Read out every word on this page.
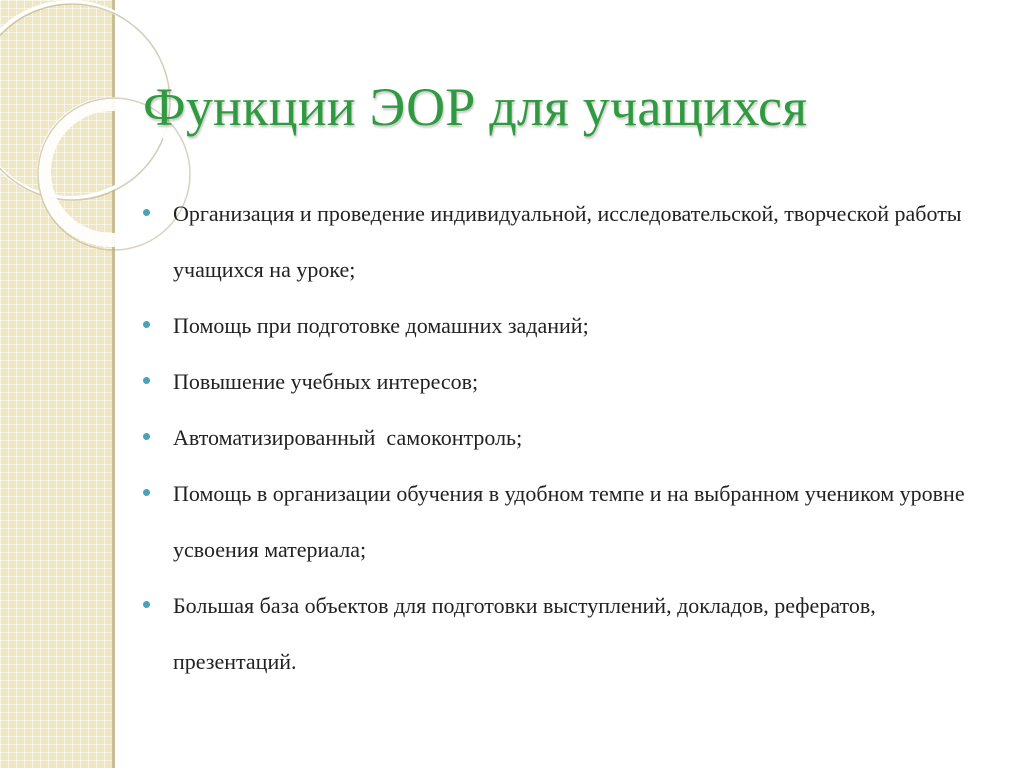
Функции ЭОР для учащихся
Организация и проведение индивидуальной, исследовательской, творческой работы учащихся на уроке;
Помощь при подготовке домашних заданий;
Повышение учебных интересов;
Автоматизированный  самоконтроль;
Помощь в организации обучения в удобном темпе и на выбранном учеником уровне усвоения материала;
Большая база объектов для подготовки выступлений, докладов, рефератов, презентаций.
